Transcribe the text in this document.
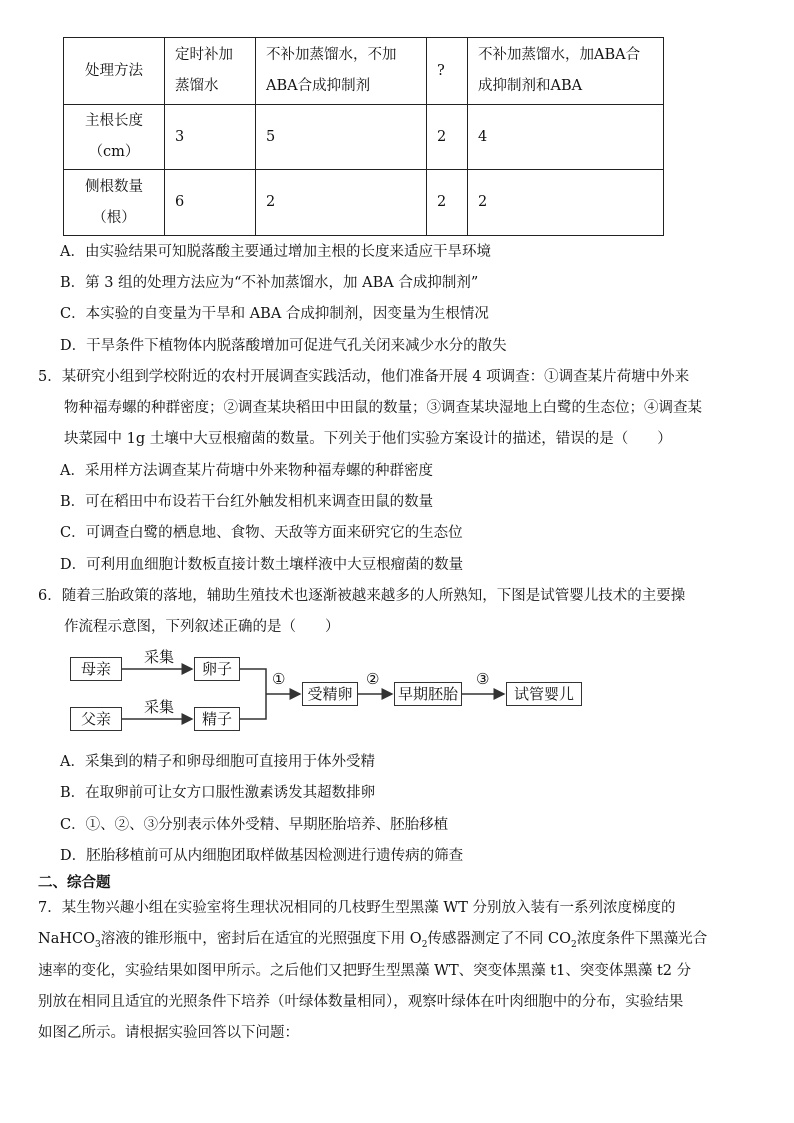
处理方法	定时补加蒸馏水	不补加蒸馏水，不加ABA合成抑制剂	?	不补加蒸馏水，加ABA合成抑制剂和ABA
主根长度（cm）	3	5	2	4
侧根数量（根）	6	2	2	2
A．由实验结果可知脱落酸主要通过增加主根的长度来适应干旱环境
B．第 3 组的处理方法应为“不补加蒸馏水，加 ABA 合成抑制剂”
C．本实验的自变量为干旱和 ABA 合成抑制剂，因变量为生根情况
D．干旱条件下植物体内脱落酸增加可促进气孔关闭来减少水分的散失
5．某研究小组到学校附近的农村开展调查实践活动，他们准备开展 4 项调查：①调查某片荷塘中外来
物种福寿螺的种群密度；②调查某块稻田中田鼠的数量；③调查某块湿地上白鹭的生态位；④调查某
块菜园中 1g 土壤中大豆根瘤菌的数量。下列关于他们实验方案设计的描述，错误的是（　　）
A．采用样方法调查某片荷塘中外来物种福寿螺的种群密度
B．可在稻田中布设若干台红外触发相机来调查田鼠的数量
C．可调查白鹭的栖息地、食物、天敌等方面来研究它的生态位
D．可利用血细胞计数板直接计数土壤样液中大豆根瘤菌的数量
6．随着三胎政策的落地，辅助生殖技术也逐渐被越来越多的人所熟知，下图是试管婴儿技术的主要操
作流程示意图，下列叙述正确的是（　　）
母亲
父亲
采集
采集
卵子
精子
①
受精卵
②
早期胚胎
③
试管婴儿
A．采集到的精子和卵母细胞可直接用于体外受精
B．在取卵前可让女方口服性激素诱发其超数排卵
C．①、②、③分别表示体外受精、早期胚胎培养、胚胎移植
D．胚胎移植前可从内细胞团取样做基因检测进行遗传病的筛查
二、综合题
7．某生物兴趣小组在实验室将生理状况相同的几枝野生型黑藻 WT 分别放入装有一系列浓度梯度的
NaHCO$_3$溶液的锥形瓶中，密封后在适宜的光照强度下用 $O_2$传感器测定了不同 $CO_2$浓度条件下黑藻光合
速率的变化，实验结果如图甲所示。之后他们又把野生型黑藻 WT、突变体黑藻 t1、突变体黑藻 t2 分
别放在相同且适宜的光照条件下培养（叶绿体数量相同），观察叶绿体在叶肉细胞中的分布，实验结果
如图乙所示。请根据实验回答以下问题：
